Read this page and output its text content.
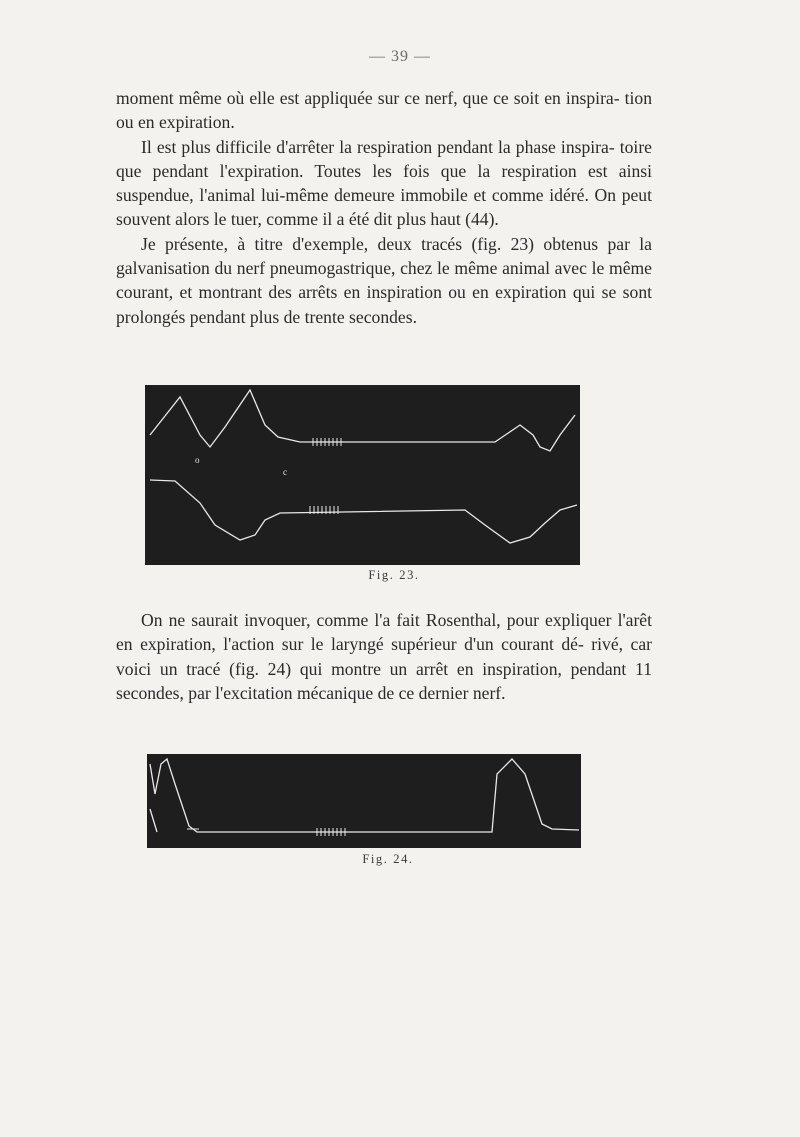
— 39 —

moment même où elle est appliquée sur ce nerf, que ce soit en inspira- tion ou en expiration.

Il est plus difficile d'arrêter la respiration pendant la phase inspira- toire que pendant l'expiration. Toutes les fois que la respiration est ainsi suspendue, l'animal lui-même demeure immobile et comme idéré. On peut souvent alors le tuer, comme il a été dit plus haut (44).

Je présente, à titre d'exemple, deux tracés (fig. 23) obtenus par la galvanisation du nerf pneumogastrique, chez le même animal avec le même courant, et montrant des arrêts en inspiration ou en expiration qui se sont prolongés pendant plus de trente secondes.

o
c
Fig. 23.

On ne saurait invoquer, comme l'a fait Rosenthal, pour expliquer l'arêt en expiration, l'action sur le laryngé supérieur d'un courant dé- rivé, car voici un tracé (fig. 24) qui montre un arrêt en inspiration, pendant 11 secondes, par l'excitation mécanique de ce dernier nerf.

Fig. 24.
